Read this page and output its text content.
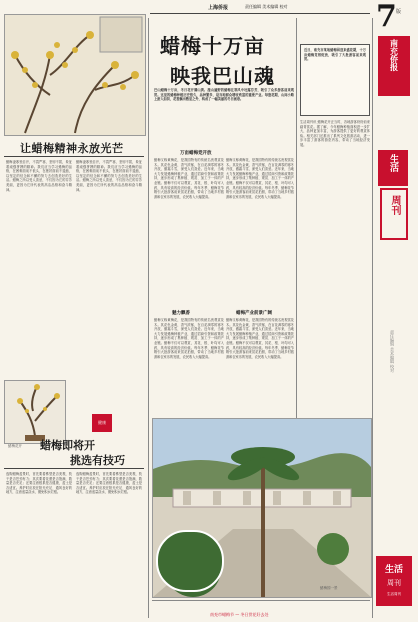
上海侨报	责任编辑 美术编辑 校对	7 版
南充侨报
生活
周刊
让蜡梅精神永放光芒
蜡梅凌寒独自开，不畏严寒，坚韧不拔，象征着顽强拼搏的精神。我们应当学习蜡梅的品格，在困难面前不低头，在挫折面前不退缩，以坚定的信念和不懈的努力去创造美好的生活。蜡梅之所以受人喜爱，不仅因为它的芬芳美丽，更因为它所代表的高洁品格和奋斗精神。
蜡梅凌寒独自开，不畏严寒，坚韧不拔，象征着顽强拼搏的精神。我们应当学习蜡梅的品格，在困难面前不低头，在挫折面前不退缩，以坚定的信念和不懈的努力去创造美好的生活。蜡梅之所以受人喜爱，不仅因为它的芬芳美丽，更因为它所代表的高洁品格和奋斗精神。
蜡梅花开
健康
蜡梅即将开
挑选有技巧
选购蜡梅盆景时，首先要看株型是否美观，枝干是否苍劲有力；其次要看花蕾是否饱满，数量是否充足；还要注意根系是否健康，盆土是否适宜。养护时应放在阳光充足、通风良好的地方，注意适量浇水，避免积水烂根。
选购蜡梅盆景时，首先要看株型是否美观，枝干是否苍劲有力；其次要看花蕾是否饱满，数量是否充足；还要注意根系是否健康，盆土是否适宜。养护时应放在阳光充足、通风良好的地方，注意适量浇水，避免积水烂根。
蜡梅十万亩
映我巴山魂
巴山蜡梅十万亩，冬日花开满山黄。漫山遍野的蜡梅在寒风中吐露芬芳，吸引了众多游客前来观赏。这里的蜡梅种植历史悠久，品种繁多，是当地群众增收致富的重要产业。每逢花期，山间小路上游人如织，花香飘出数里之外，构成了一幅美丽的冬日画卷。
万亩蜡梅竞开放
蜡梅又称黄梅花，是我国特有的传统名贵观赏花木。其花色金黄，香气浓郁，在百花凋零的寒冬开放，傲霜斗雪，深受人们喜爱。近年来，当地大力发展蜡梅种植产业，通过招商引资和政策扶持，逐步形成了集种植、观赏、加工于一体的产业链。蜡梅不仅可以观赏，其花、根、叶均可入药，具有较高的经济价值。每年冬季，蜡梅花节吸引大批游客前来赏花拍照，带动了当地乡村旅游和农家乐的发展，农民收入大幅提高。
蜡梅又称黄梅花，是我国特有的传统名贵观赏花木。其花色金黄，香气浓郁，在百花凋零的寒冬开放，傲霜斗雪，深受人们喜爱。近年来，当地大力发展蜡梅种植产业，通过招商引资和政策扶持，逐步形成了集种植、观赏、加工于一体的产业链。蜡梅不仅可以观赏，其花、根、叶均可入药，具有较高的经济价值。每年冬季，蜡梅花节吸引大批游客前来赏花拍照，带动了当地乡村旅游和农家乐的发展，农民收入大幅提高。
魅力飘香
蜡梅又称黄梅花，是我国特有的传统名贵观赏花木。其花色金黄，香气浓郁，在百花凋零的寒冬开放，傲霜斗雪，深受人们喜爱。近年来，当地大力发展蜡梅种植产业，通过招商引资和政策扶持，逐步形成了集种植、观赏、加工于一体的产业链。蜡梅不仅可以观赏，其花、根、叶均可入药，具有较高的经济价值。每年冬季，蜡梅花节吸引大批游客前来赏花拍照，带动了当地乡村旅游和农家乐的发展，农民收入大幅提高。
蜡梅产业前景广阔
蜡梅又称黄梅花，是我国特有的传统名贵观赏花木。其花色金黄，香气浓郁，在百花凋零的寒冬开放，傲霜斗雪，深受人们喜爱。近年来，当地大力发展蜡梅种植产业，通过招商引资和政策扶持，逐步形成了集种植、观赏、加工于一体的产业链。蜡梅不仅可以观赏，其花、根、叶均可入药，具有较高的经济价值。每年冬季，蜡梅花节吸引大批游客前来赏花拍照，带动了当地乡村旅游和农家乐的发展，农民收入大幅提高。
近日，南充市某地蜡梅园迎来盛花期，十万亩蜡梅竞相绽放，吸引了大批游客前来观赏。
生活周刊讯 蜡梅花开正当时，各地游客纷纷前来踏青赏花。据了解，今年蜡梅种植面积进一步扩大，品种更加丰富，为游客提供了更好的观赏体验。相关部门还推出了系列文化旅游活动，进一步丰富了游客的游览内容，带动了当地经济发展。
责任编辑 美术编辑 校对
蜡梅园一景
南充市蜡梅节 — 冬日赏花好去处
生活
周刊
生活周刊
